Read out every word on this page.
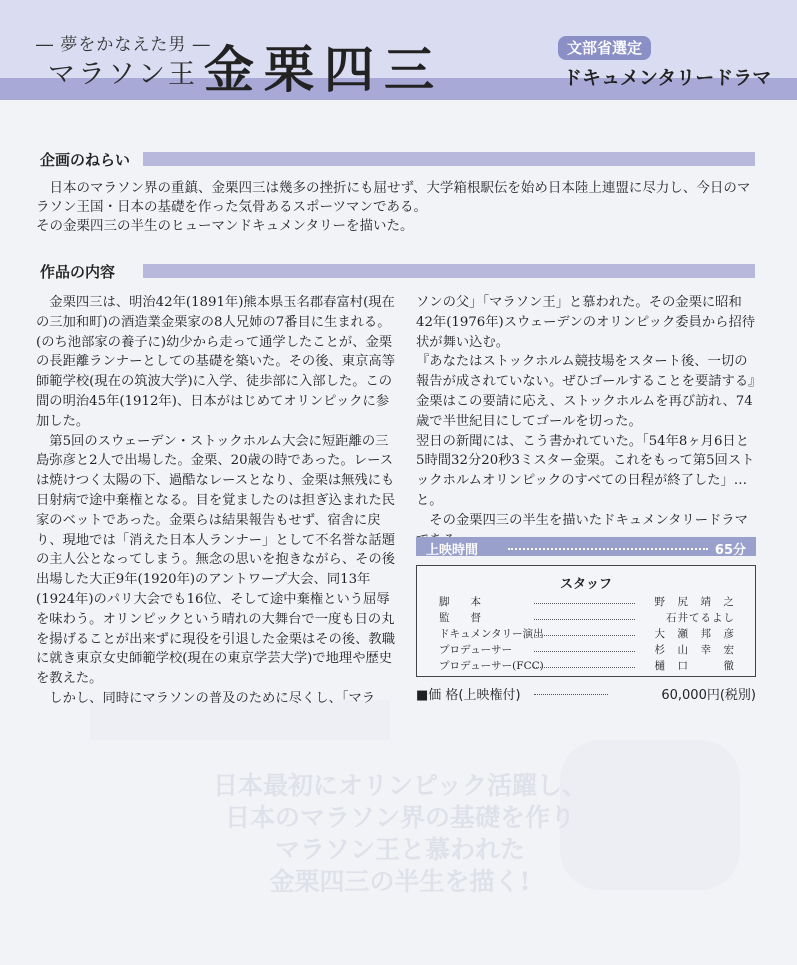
― 夢をかなえた男 ―
マラソン王 金栗四三	文部省選定
ドキュメンタリードラマ
企画のねらい

日本のマラソン界の重鎮、金栗四三は幾多の挫折にも屈せず、大学箱根駅伝を始め日本陸上連盟に尽力し、今日のマラソン王国・日本の基礎を作った気骨あるスポーツマンである。

その金栗四三の半生のヒューマンドキュメンタリーを描いた。

作品の内容

金栗四三は、明治42年(1891年)熊本県玉名郡春富村(現在の三加和町)の酒造業金栗家の8人兄姉の7番目に生まれる。(のち池部家の養子に)幼少から走って通学したことが、金栗の長距離ランナーとしての基礎を築いた。その後、東京高等師範学校(現在の筑波大学)に入学、徒歩部に入部した。この間の明治45年(1912年)、日本がはじめてオリンピックに参加した。

第5回のスウェーデン・ストックホルム大会に短距離の三島弥彦と2人で出場した。金栗、20歳の時であった。レースは焼けつく太陽の下、過酷なレースとなり、金栗は無残にも日射病で途中棄権となる。目を覚ましたのは担ぎ込まれた民家のベットであった。金栗らは結果報告もせず、宿舎に戻り、現地では「消えた日本人ランナー」として不名誉な話題の主人公となってしまう。無念の思いを抱きながら、その後出場した大正9年(1920年)のアントワープ大会、同13年(1924年)のパリ大会でも16位、そして途中棄権という屈辱を味わう。オリンピックという晴れの大舞台で一度も日の丸を揚げることが出来ずに現役を引退した金栗はその後、教職に就き東京女史師範学校(現在の東京学芸大学)で地理や歴史を教えた。

しかし、同時にマラソンの普及のために尽くし、「マラ

ソンの父」「マラソン王」と慕われた。その金栗に昭和42年(1976年)スウェーデンのオリンピック委員から招待状が舞い込む。

『あなたはストックホルム競技場をスタート後、一切の報告が成されていない。ぜひゴールすることを要請する』金栗はこの要請に応え、ストックホルムを再び訪れ、74歳で半世紀目にしてゴールを切った。

翌日の新聞には、こう書かれていた。「54年8ヶ月6日と5時間32分20秒3ミスター金栗。これをもって第5回ストックホルムオリンピックのすべての日程が終了した」…と。

その金栗四三の半生を描いたドキュメンタリードラマ

上映時間	65分
スタッフ
脚　　本	野　尻　靖　之
監　　督	石井てるよし
ドキュメンタリー演出	大　瀬　邦　彦
プロデューサー	杉　山　幸　宏
プロデューサー(FCC)	樋　口　　　徹
■価 格(上映権付)	60,000円(税別)
日本最初にオリンピック活躍し、
日本のマラソン界の基礎を作り
マラソン王と慕われた
金栗四三の半生を描く!
